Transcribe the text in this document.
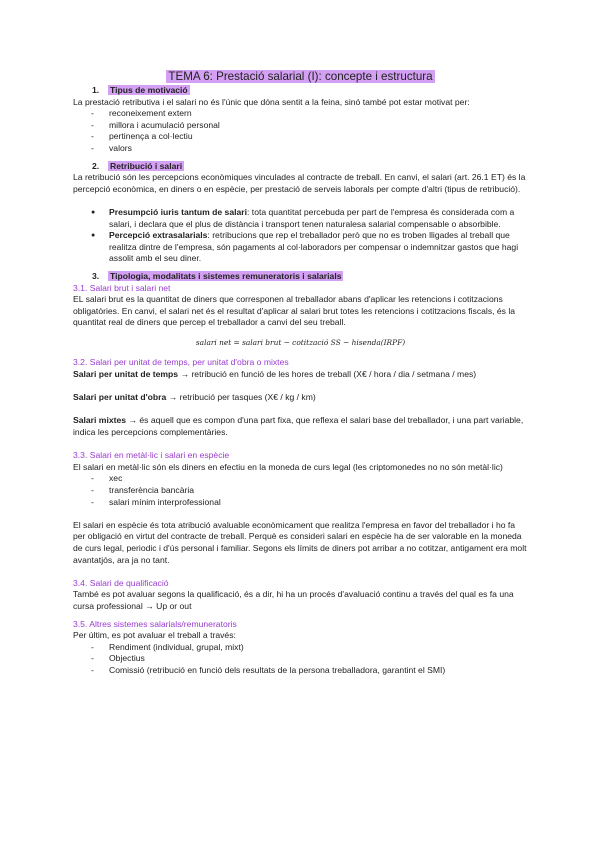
TEMA 6: Prestació salarial (I): concepte i estructura
1. Tipus de motivació

La prestació retributiva i el salari no és l'únic que dóna sentit a la feina, sinó també pot estar motivat per:

- reconeixement extern
- millora i acumulació personal
- pertinença a col·lectiu
- valors
2. Retribució i salari

La retribució són les percepcions econòmiques vinculades al contracte de treball. En canvi, el salari (art. 26.1 ET) és la percepció econòmica, en diners o en espècie, per prestació de serveis laborals per compte d'altri (tipus de retribució).

● Presumpció iuris tantum de salari: tota quantitat percebuda per part de l'empresa és considerada com a salari, i declara que el plus de distància i transport tenen naturalesa salarial compensable o absorbible.
● Percepció extrasalarials: retribucions que rep el treballador però que no es troben lligades al treball que realitza dintre de l'empresa, són pagaments al col·laboradors per compensar o indemnitzar gastos que hagi assolit amb el seu diner.
3. Tipologia, modalitats i sistemes remuneratoris i salarials
3.1. Salari brut i salari net

EL salari brut es la quantitat de diners que corresponen al treballador abans d'aplicar les retencions i cotitzacions obligatòries. En canvi, el salari net és el resultat d'aplicar al salari brut totes les retencions i cotitzacions fiscals, és la quantitat real de diners que percep el treballador a canvi del seu treball.

salari net = salari brut − cotització SS − hisenda(IRPF)
3.2. Salari per unitat de temps, per unitat d'obra o mixtes

Salari per unitat de temps → retribució en funció de les hores de treball (X€ / hora / dia / setmana / mes)

Salari per unitat d'obra → retribució per tasques (X€ / kg / km)

Salari mixtes → és aquell que es compon d'una part fixa, que reflexa el salari base del treballador, i una part variable, indica les percepcions complementàries.

3.3. Salari en metàl·lic i salari en espècie

El salari en metàl·lic són els diners en efectiu en la moneda de curs legal (les criptomonedes no no són metàl·lic)

- xec
- transferència bancària
- salari mínim interprofessional

El salari en espècie és tota atribució avaluable econòmicament que realitza l'empresa en favor del treballador i ho fa per obligació en virtut del contracte de treball. Perquè es consideri salari en espècie ha de ser valorable en la moneda de curs legal, periodic i d'ús personal i familiar. Segons els límits de diners pot arribar a no cotitzar, antigament era molt avantatjós, ara ja no tant.

3.4. Salari de qualificació

També es pot avaluar segons la qualificació, és a dir, hi ha un procés d'avaluació continu a través del qual es fa una cursa professional → Up or out

3.5. Altres sistemes salarials/remuneratoris

Per últim, es pot avaluar el treball a través:

- Rendiment (individual, grupal, mixt)
- Objectius
- Comissió (retribució en funció dels resultats de la persona treballadora, garantint el SMI)
